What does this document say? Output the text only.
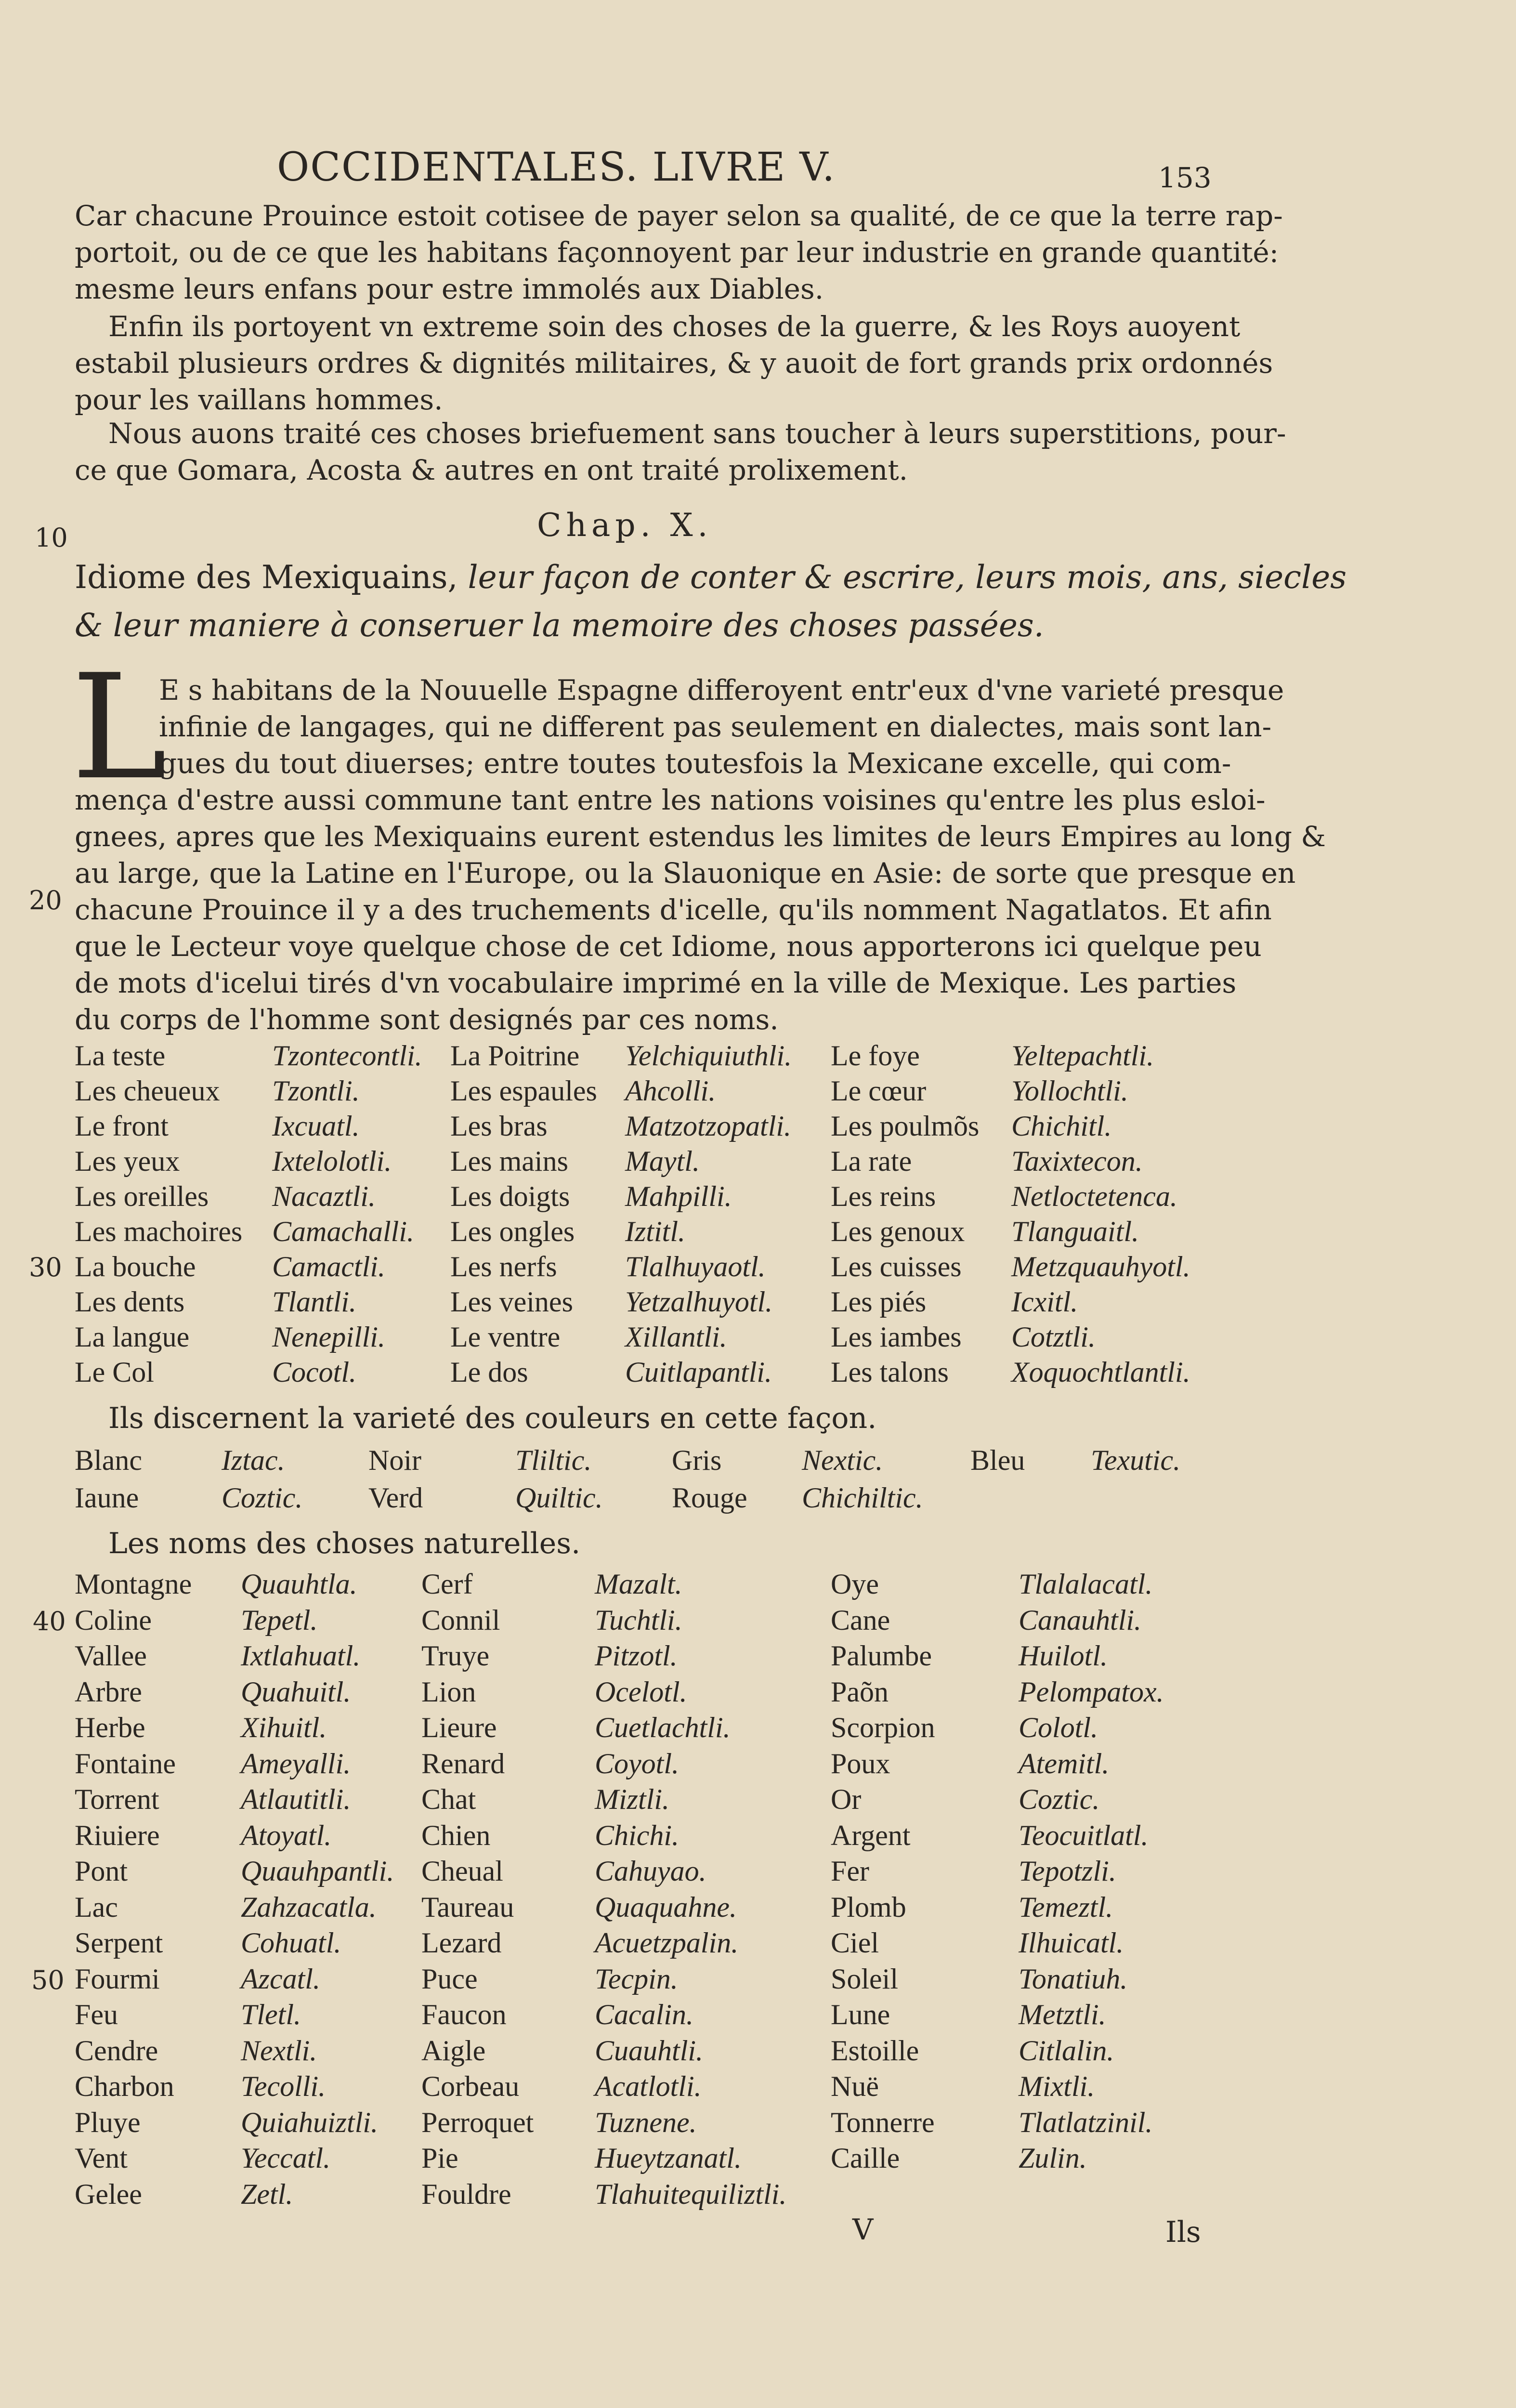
OCCIDENTALES. LIVRE V.	153
10
20
30
40
50
Car chacune Prouince estoit cotisee de payer selon sa qualité, de ce que la terre rap-
portoit, ou de ce que les habitans façonnoyent par leur industrie en grande quantité:
mesme leurs enfans pour estre immolés aux Diables.
Enfin ils portoyent vn extreme soin des choses de la guerre, & les Roys auoyent
estabil plusieurs ordres & dignités militaires, & y auoit de fort grands prix ordonnés
pour les vaillans hommes.
Nous auons traité ces choses briefuement sans toucher à leurs superstitions, pour-
ce que Gomara, Acosta & autres en ont traité prolixement.
Chap. X.
Idiome des Mexiquains, leur façon de conter & escrire, leurs mois, ans, siecles
& leur maniere à conseruer la memoire des choses passées.
L
E s habitans de la Nouuelle Espagne differoyent entr'eux d'vne varieté presque
infinie de langages, qui ne different pas seulement en dialectes, mais sont lan-
gues du tout diuerses; entre toutes toutesfois la Mexicane excelle, qui com-
mença d'estre aussi commune tant entre les nations voisines qu'entre les plus esloi-
gnees, apres que les Mexiquains eurent estendus les limites de leurs Empires au long &
au large, que la Latine en l'Europe, ou la Slauonique en Asie: de sorte que presque en
chacune Prouince il y a des truchements d'icelle, qu'ils nomment Nagatlatos. Et afin
que le Lecteur voye quelque chose de cet Idiome, nous apporterons ici quelque peu
de mots d'icelui tirés d'vn vocabulaire imprimé en la ville de Mexique. Les parties
du corps de l'homme sont designés par ces noms.
La teste	Tzontecontli. La Poitrine Yelchiquiuthli. Le foye	Yeltepachtli.
Les cheueux Tzontli.	Les espaules Ahcolli.	Le cœur	Yollochtli.
Le front	Ixcuatl.	Les bras	Matzotzopatli. Les poulmõs Chichitl.
Les yeux	Ixtelolotli. Les mains Maytl.	La rate	Taxixtecon.
Les oreilles Nacaztli.	Les doigts Mahpilli.	Les reins	Netloctetenca.
Les machoires Camachalli. Les ongles Iztitl.	Les genoux Tlanguaitl.
La bouche	Camactli. Les nerfs Tlalhuyaotl. Les cuisses Metzquauhyotl.
Les dents	Tlantli.	Les veines Yetzalhuyotl. Les piés	Icxitl.
La langue	Nenepilli. Le ventre Xillantli.	Les iambes Cotztli.
Le Col	Cocotl.	Le dos	Cuitlapantli. Les talons Xoquochtlantli.
Ils discernent la varieté des couleurs en cette façon.
Blanc	Iztac.	Noir	Tliltic.	Gris	Nextic.	Bleu Texutic.
Iaune	Coztic. Verd	Quiltic. Rouge Chichiltic.
Les noms des choses naturelles.
Montagne Quauhtla. Cerf	Mazalt.	Oye	Tlalalacatl.
Coline	Tepetl.	Connil	Tuchtli.	Cane	Canauhtli.
Vallee	Ixtlahuatl. Truye	Pitzotl.	Palumbe	Huilotl.
Arbre	Quahuitl. Lion	Ocelotl.	Paõn	Pelompatox.
Herbe	Xihuitl.	Lieure	Cuetlachtli.	Scorpion	Colotl.
Fontaine Ameyalli. Renard	Coyotl.	Poux	Atemitl.
Torrent	Atlautitli. Chat	Miztli.	Or	Coztic.
Riuiere	Atoyatl.	Chien	Chichi.	Argent	Teocuitlatl.
Pont	Quauhpantli. Cheual	Cahuyao.	Fer	Tepotzli.
Lac	Zahzacatla. Taureau	Quaquahne.	Plomb	Temeztl.
Serpent	Cohuatl.	Lezard	Acuetzpalin.	Ciel	Ilhuicatl.
Fourmi	Azcatl.	Puce	Tecpin.	Soleil	Tonatiuh.
Feu	Tletl.	Faucon	Cacalin.	Lune	Metztli.
Cendre	Nextli.	Aigle	Cuauhtli.	Estoille	Citlalin.
Charbon Tecolli.	Corbeau	Acatlotli.	Nuë	Mixtli.
Pluye	Quiahuiztli. Perroquet Tuznene.	Tonnerre	Tlatlatzinil.
Vent	Yeccatl.	Pie	Hueytzanatl.	Caille	Zulin.
Gelee	Zetl.	Fouldre	Tlahuitequiliztli.
V	Ils
